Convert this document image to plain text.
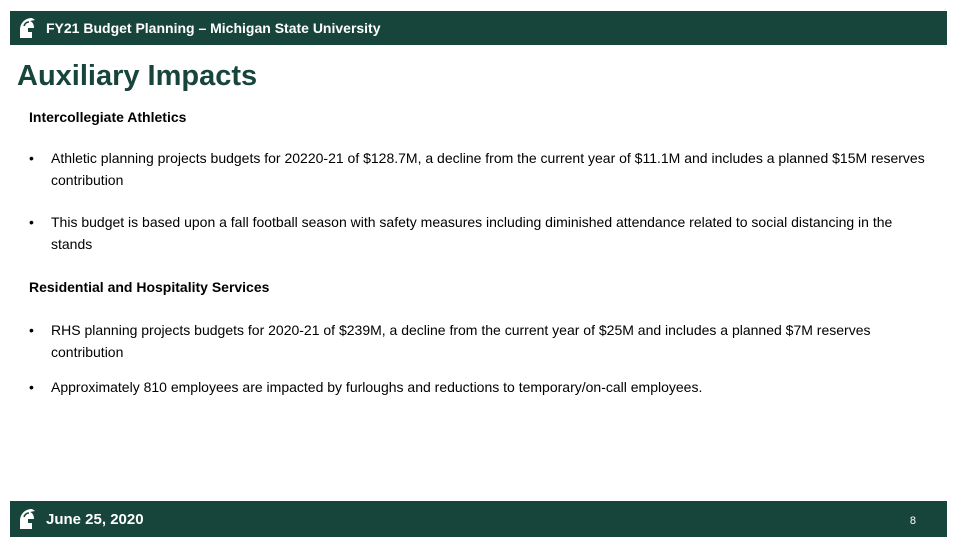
FY21 Budget Planning – Michigan State University
Auxiliary Impacts
Intercollegiate Athletics
•	Athletic planning projects budgets for 20220-21 of $128.7M, a decline from the current year of $11.1M and includes a planned $15M reserves contribution
•	This budget is based upon a fall football season with safety measures including diminished attendance related to social distancing in the stands
Residential and Hospitality Services
•	RHS planning projects budgets for 2020-21 of $239M, a decline from the current year of $25M and includes a planned $7M reserves contribution
•	Approximately 810 employees are impacted by furloughs and reductions to temporary/on-call employees.
June 25, 2020	8
